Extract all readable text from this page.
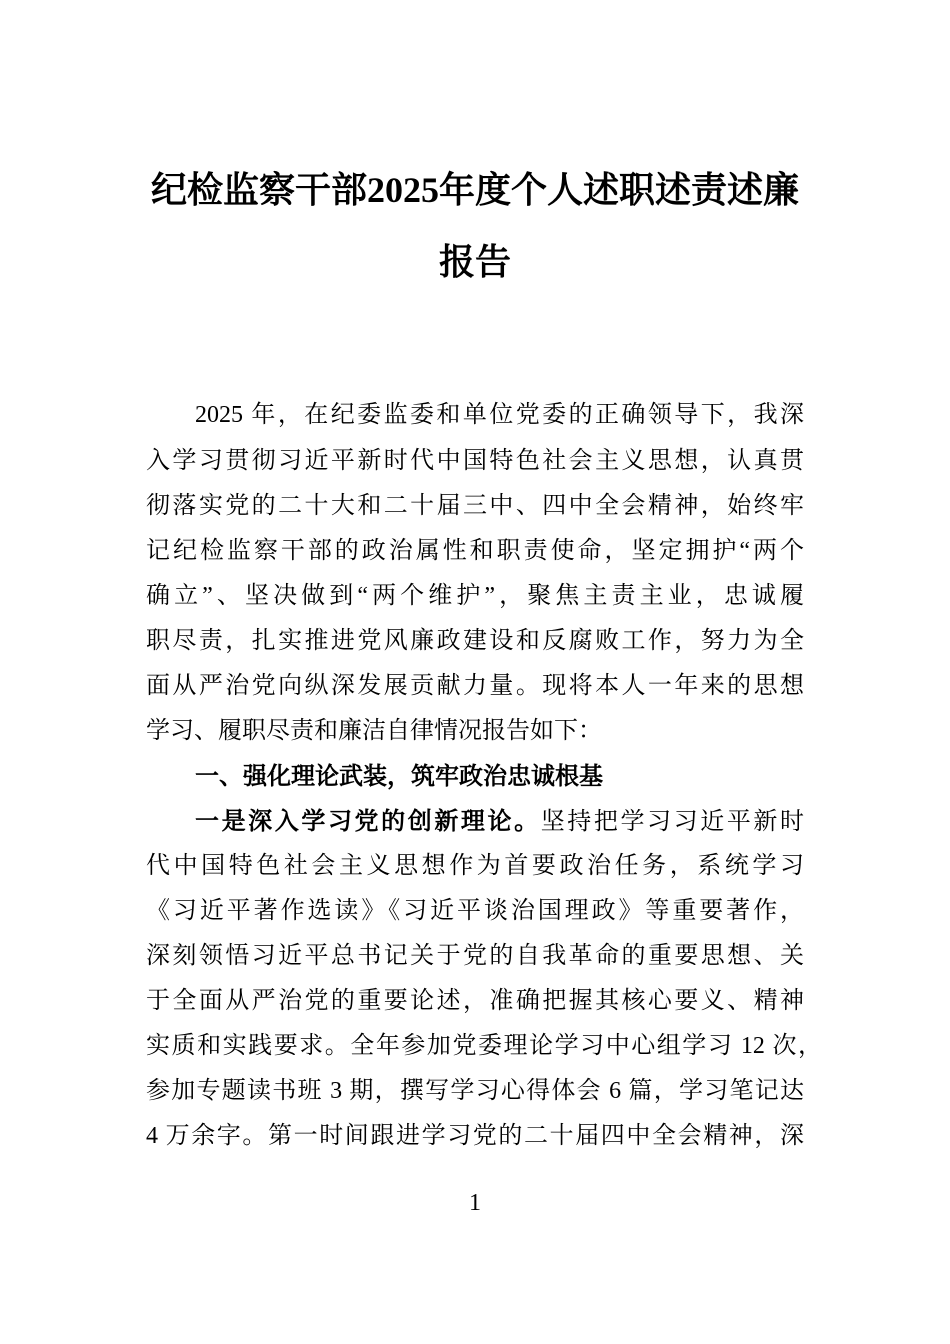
纪检监察干部2025年度个人述职述责述廉
报告
2025 年，在纪委监委和单位党委的正确领导下，我深
入学习贯彻习近平新时代中国特色社会主义思想，认真贯
彻落实党的二十大和二十届三中、四中全会精神，始终牢
记纪检监察干部的政治属性和职责使命，坚定拥护“两个
确立”、坚决做到“两个维护”，聚焦主责主业，忠诚履
职尽责，扎实推进党风廉政建设和反腐败工作，努力为全
面从严治党向纵深发展贡献力量。现将本人一年来的思想
学习、履职尽责和廉洁自律情况报告如下：
一、强化理论武装，筑牢政治忠诚根基
一是深入学习党的创新理论。坚持把学习习近平新时
代中国特色社会主义思想作为首要政治任务，系统学习
《习近平著作选读》《习近平谈治国理政》等重要著作，
深刻领悟习近平总书记关于党的自我革命的重要思想、关
于全面从严治党的重要论述，准确把握其核心要义、精神
实质和实践要求。全年参加党委理论学习中心组学习 12 次，
参加专题读书班 3 期，撰写学习心得体会 6 篇，学习笔记达
4 万余字。第一时间跟进学习党的二十届四中全会精神，深
1
